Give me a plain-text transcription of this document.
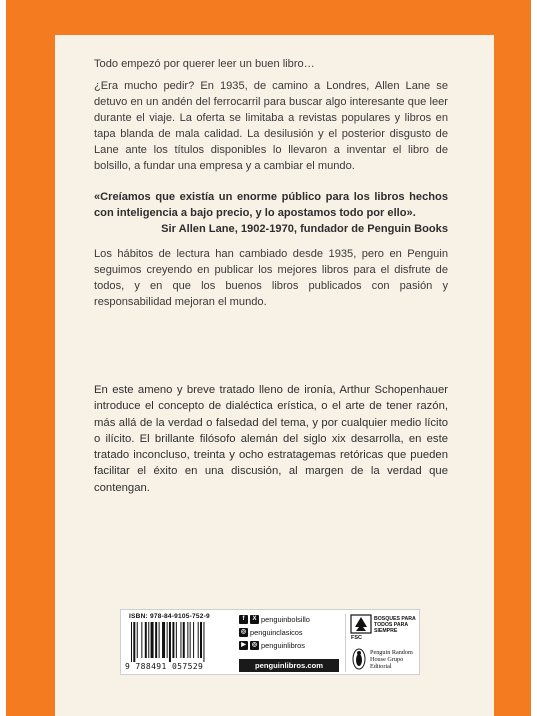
Todo empezó por querer leer un buen libro…

¿Era mucho pedir? En 1935, de camino a Londres, Allen Lane se detuvo en un andén del ferrocarril para buscar algo interesante que leer durante el viaje. La oferta se limitaba a revistas populares y libros en tapa blanda de mala calidad. La desilusión y el posterior disgusto de Lane ante los títulos disponibles lo llevaron a inventar el libro de bolsillo, a fundar una empresa y a cambiar el mundo.

«Creíamos que existía un enorme público para los libros hechos con inteligencia a bajo precio, y lo apostamos todo por ello».

Sir Allen Lane, 1902-1970, fundador de Penguin Books

Los hábitos de lectura han cambiado desde 1935, pero en Penguin seguimos creyendo en publicar los mejores libros para el disfrute de todos, y en que los buenos libros publicados con pasión y responsabilidad mejoran el mundo.

En este ameno y breve tratado lleno de ironía, Arthur Schopenhauer introduce el concepto de dialéctica erística, o el arte de tener razón, más allá de la verdad o falsedad del tema, y por cualquier medio lícito o ilícito. El brillante filósofo alemán del siglo xix desarrolla, en este tratado inconcluso, treinta y ocho estratagemas retóricas que pueden facilitar el éxito en una discusión, al margen de la verdad que contengan.

ISBN: 978-84-9105-752-9
9 788491 057529
f	X penguinbolsillo
◎ penguinclasicos
▶	◎ penguinlibros
penguinlibros.com
FSC
BOSQUES PARA TODOS PARA SIEMPRE
Penguin Random House Grupo Editorial
